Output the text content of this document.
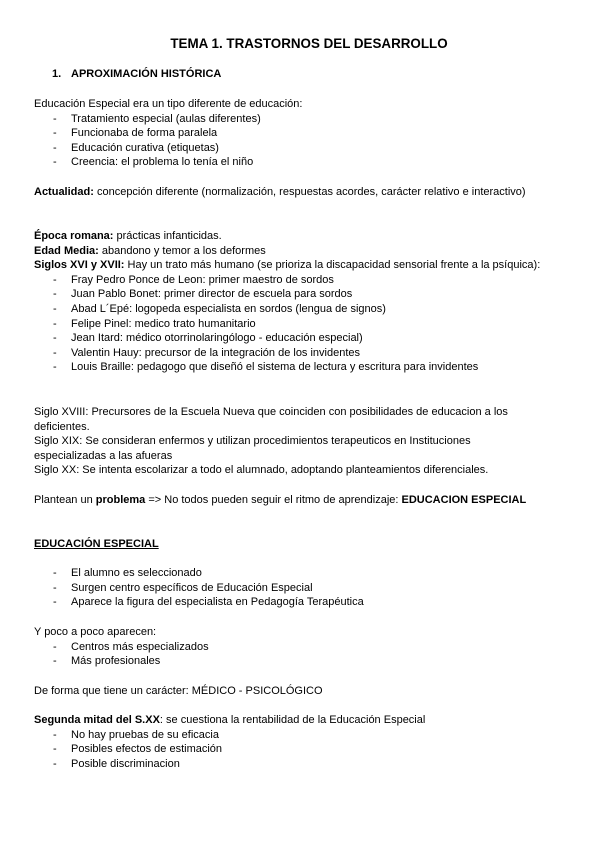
TEMA 1. TRASTORNOS DEL DESARROLLO
1. APROXIMACIÓN HISTÓRICA

Educación Especial era un tipo diferente de educación:

- Tratamiento especial (aulas diferentes)
- Funcionaba de forma paralela
- Educación curativa (etiquetas)
- Creencia: el problema lo tenía el niño

Actualidad: concepción diferente (normalización, respuestas acordes, carácter relativo e interactivo)

Época romana: prácticas infanticidas.

Edad Media: abandono y temor a los deformes

Siglos XVI y XVII: Hay un trato más humano (se prioriza la discapacidad sensorial frente a la psíquica):

- Fray Pedro Ponce de Leon: primer maestro de sordos
- Juan Pablo Bonet: primer director de escuela para sordos
- Abad L´Epé: logopeda especialista en sordos (lengua de signos)
- Felipe Pinel: medico trato humanitario
- Jean Itard: médico otorrinolaringólogo - educación especial)
- Valentin Hauy: precursor de la integración de los invidentes
- Louis Braille: pedagogo que diseñó el sistema de lectura y escritura para invidentes

Siglo XVIII: Precursores de la Escuela Nueva que coinciden con posibilidades de educacion a los deficientes.

Siglo XIX: Se consideran enfermos y utilizan procedimientos terapeuticos en Instituciones especializadas a las afueras

Siglo XX: Se intenta escolarizar a todo el alumnado, adoptando planteamientos diferenciales.

Plantean un problema => No todos pueden seguir el ritmo de aprendizaje: EDUCACION ESPECIAL

EDUCACIÓN ESPECIAL

- El alumno es seleccionado
- Surgen centro específicos de Educación Especial
- Aparece la figura del especialista en Pedagogía Terapéutica

Y poco a poco aparecen:

- Centros más especializados
- Más profesionales

De forma que tiene un carácter: MÉDICO - PSICOLÓGICO

Segunda mitad del S.XX: se cuestiona la rentabilidad de la Educación Especial

- No hay pruebas de su eficacia
- Posibles efectos de estimación
- Posible discriminacion
